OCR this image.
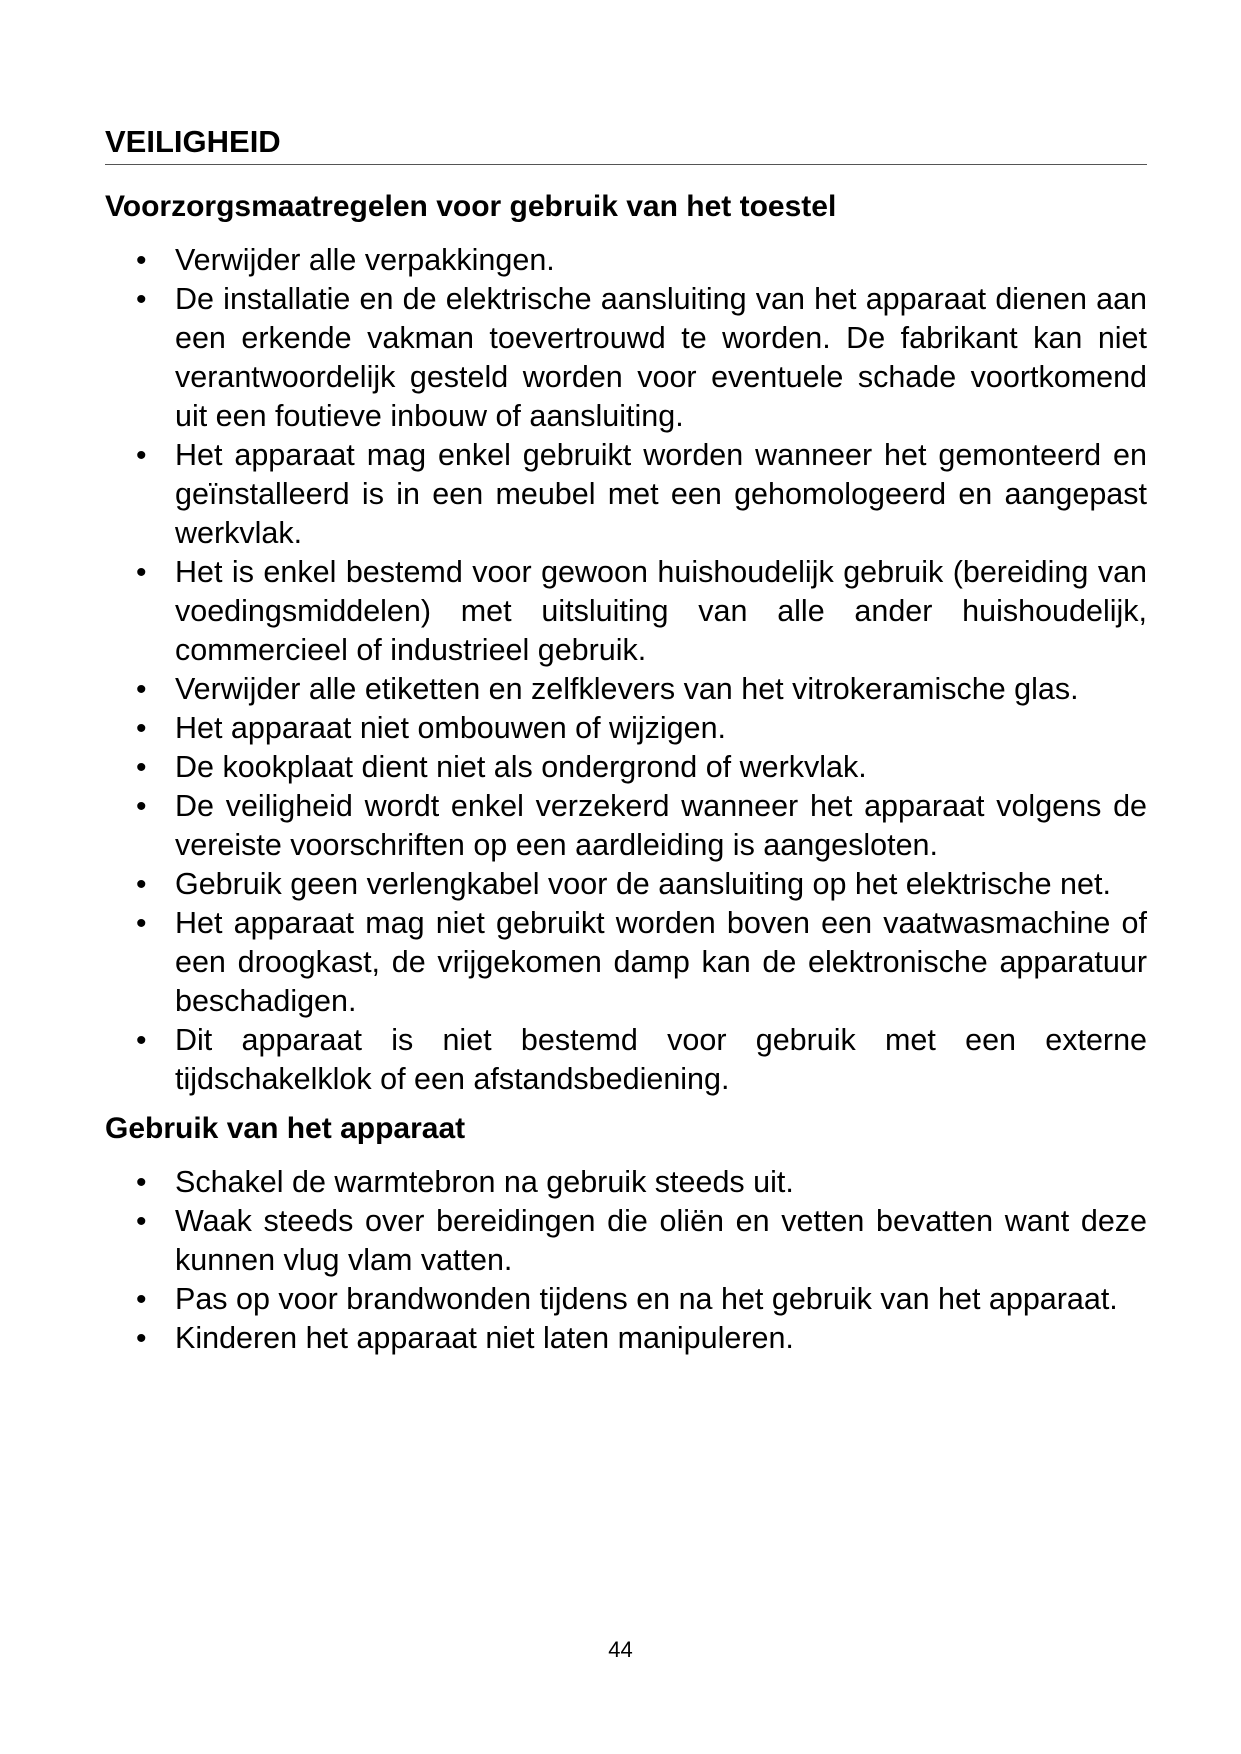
VEILIGHEID
Voorzorgsmaatregelen voor gebruik van het toestel
• Verwijder alle verpakkingen.
• De installatie en de elektrische aansluiting van het apparaat dienen aan een erkende vakman toevertrouwd te worden. De fabrikant kan niet verantwoordelijk gesteld worden voor eventuele schade voortkomend uit een foutieve inbouw of aansluiting.
• Het apparaat mag enkel gebruikt worden wanneer het gemonteerd en geïnstalleerd is in een meubel met een gehomologeerd en aangepast werkvlak.
• Het is enkel bestemd voor gewoon huishoudelijk gebruik (bereiding van voedingsmiddelen) met uitsluiting van alle ander huishoudelijk, commercieel of industrieel gebruik.
• Verwijder alle etiketten en zelfklevers van het vitrokeramische glas.
• Het apparaat niet ombouwen of wijzigen.
• De kookplaat dient niet als ondergrond of werkvlak.
• De veiligheid wordt enkel verzekerd wanneer het apparaat volgens de vereiste voorschriften op een aardleiding is aangesloten.
• Gebruik geen verlengkabel voor de aansluiting op het elektrische net.
• Het apparaat mag niet gebruikt worden boven een vaatwasmachine of een droogkast, de vrijgekomen damp kan de elektronische apparatuur beschadigen.
• Dit apparaat is niet bestemd voor gebruik met een externe tijdschakelklok of een afstandsbediening.
Gebruik van het apparaat
• Schakel de warmtebron na gebruik steeds uit.
• Waak steeds over bereidingen die oliën en vetten bevatten want deze kunnen vlug vlam vatten.
• Pas op voor brandwonden tijdens en na het gebruik van het apparaat.
• Kinderen het apparaat niet laten manipuleren.
44
